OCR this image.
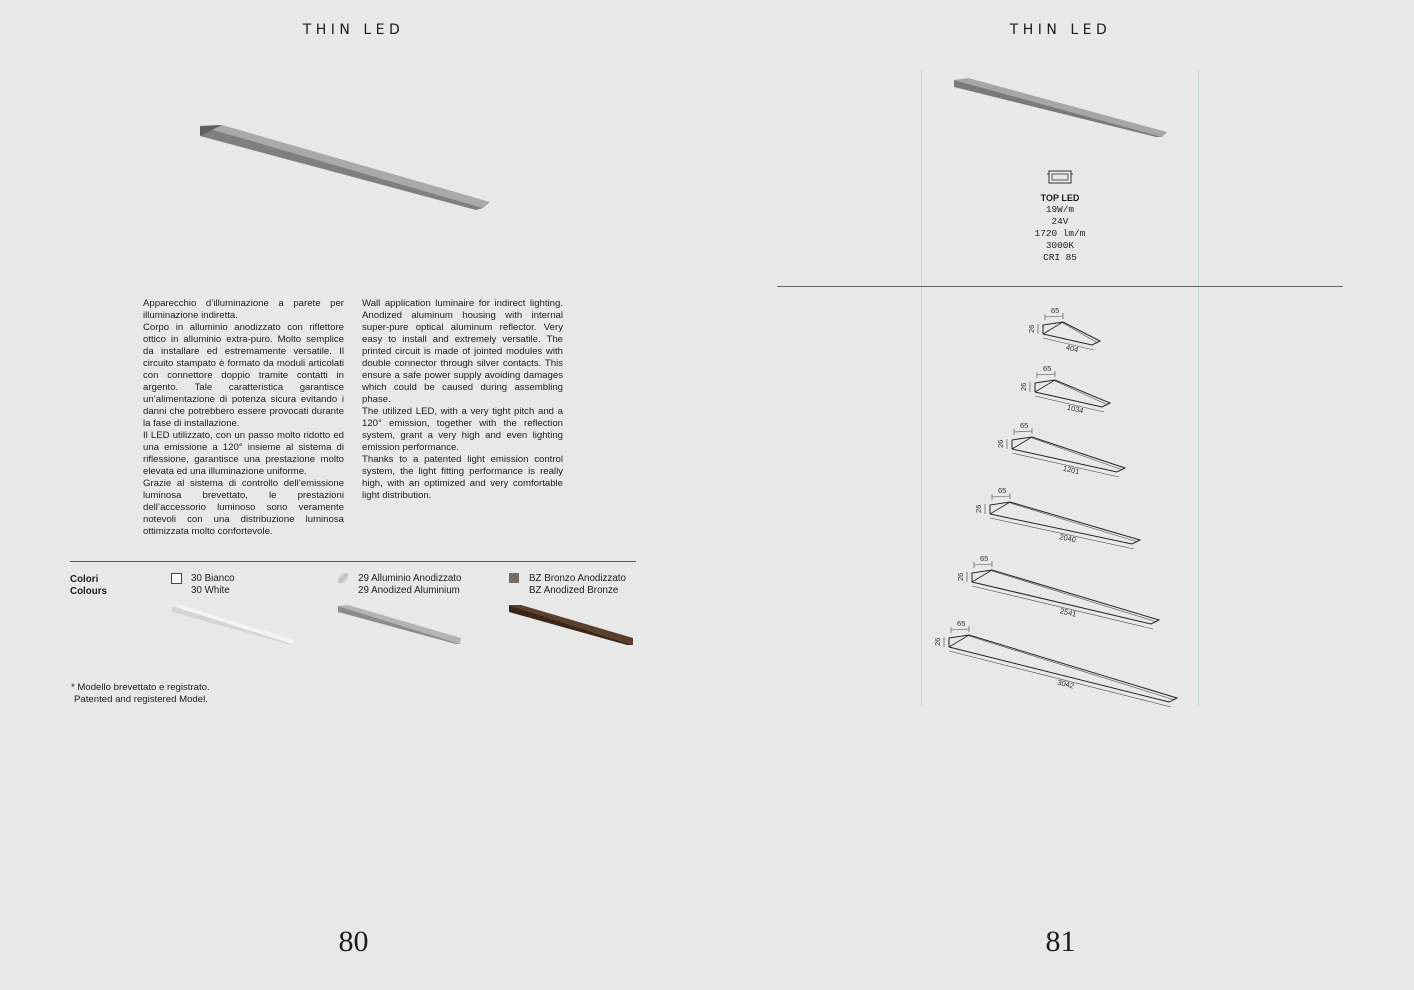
THIN LED
Apparecchio d’illuminazione a parete per illuminazione indiretta.
Corpo in alluminio anodizzato con riflettore ottico in alluminio extra-puro. Molto semplice da installare ed estremamente versatile. Il circuito stampato è formato da moduli articolati con connettore doppio tramite contatti in argento. Tale caratteristica garantisce un’alimentazione di potenza sicura evitando i danni che potrebbero essere provocati durante la fase di installazione.
Il LED utilizzato, con un passo molto ridotto ed una emissione a 120° insieme al sistema di riflessione, garantisce una prestazione molto elevata ed una illuminazione uniforme.
Grazie al sistema di controllo dell’emissione luminosa brevettato, le prestazioni dell’accessorio luminoso sono veramente notevoli con una distribuzione luminosa ottimizzata molto confortevole.
Wall application luminaire for indirect lighting. Anodized aluminum housing with internal super-pure optical aluminum reflector. Very easy to install and extremely versatile. The printed circuit is made of jointed modules with double connector through silver contacts. This ensure a safe power supply avoiding damages which could be caused during assembling phase.
The utilized LED, with a very tight pitch and a 120° emission, together with the reflection system, grant a very high and even lighting emission performance.
Thanks to a patented light emission control system, the light fitting performance is really high, with an optimized and very comfortable light distribution.
Colori
Colours
30 Bianco
30 White
29 Alluminio Anodizzato
29 Anodized Aluminium
BZ Bronzo Anodizzato
BZ Anodized Bronze
* Modello brevettato e registrato.
Patented and registered Model.
80
THIN LED
TOP LED
19W/m
24V
1720 lm/m
3000K
CRI 85
65
26
404
65
26
1034
65
26
1201
65
26
2040
65
26
2541
65
26
3042
81
